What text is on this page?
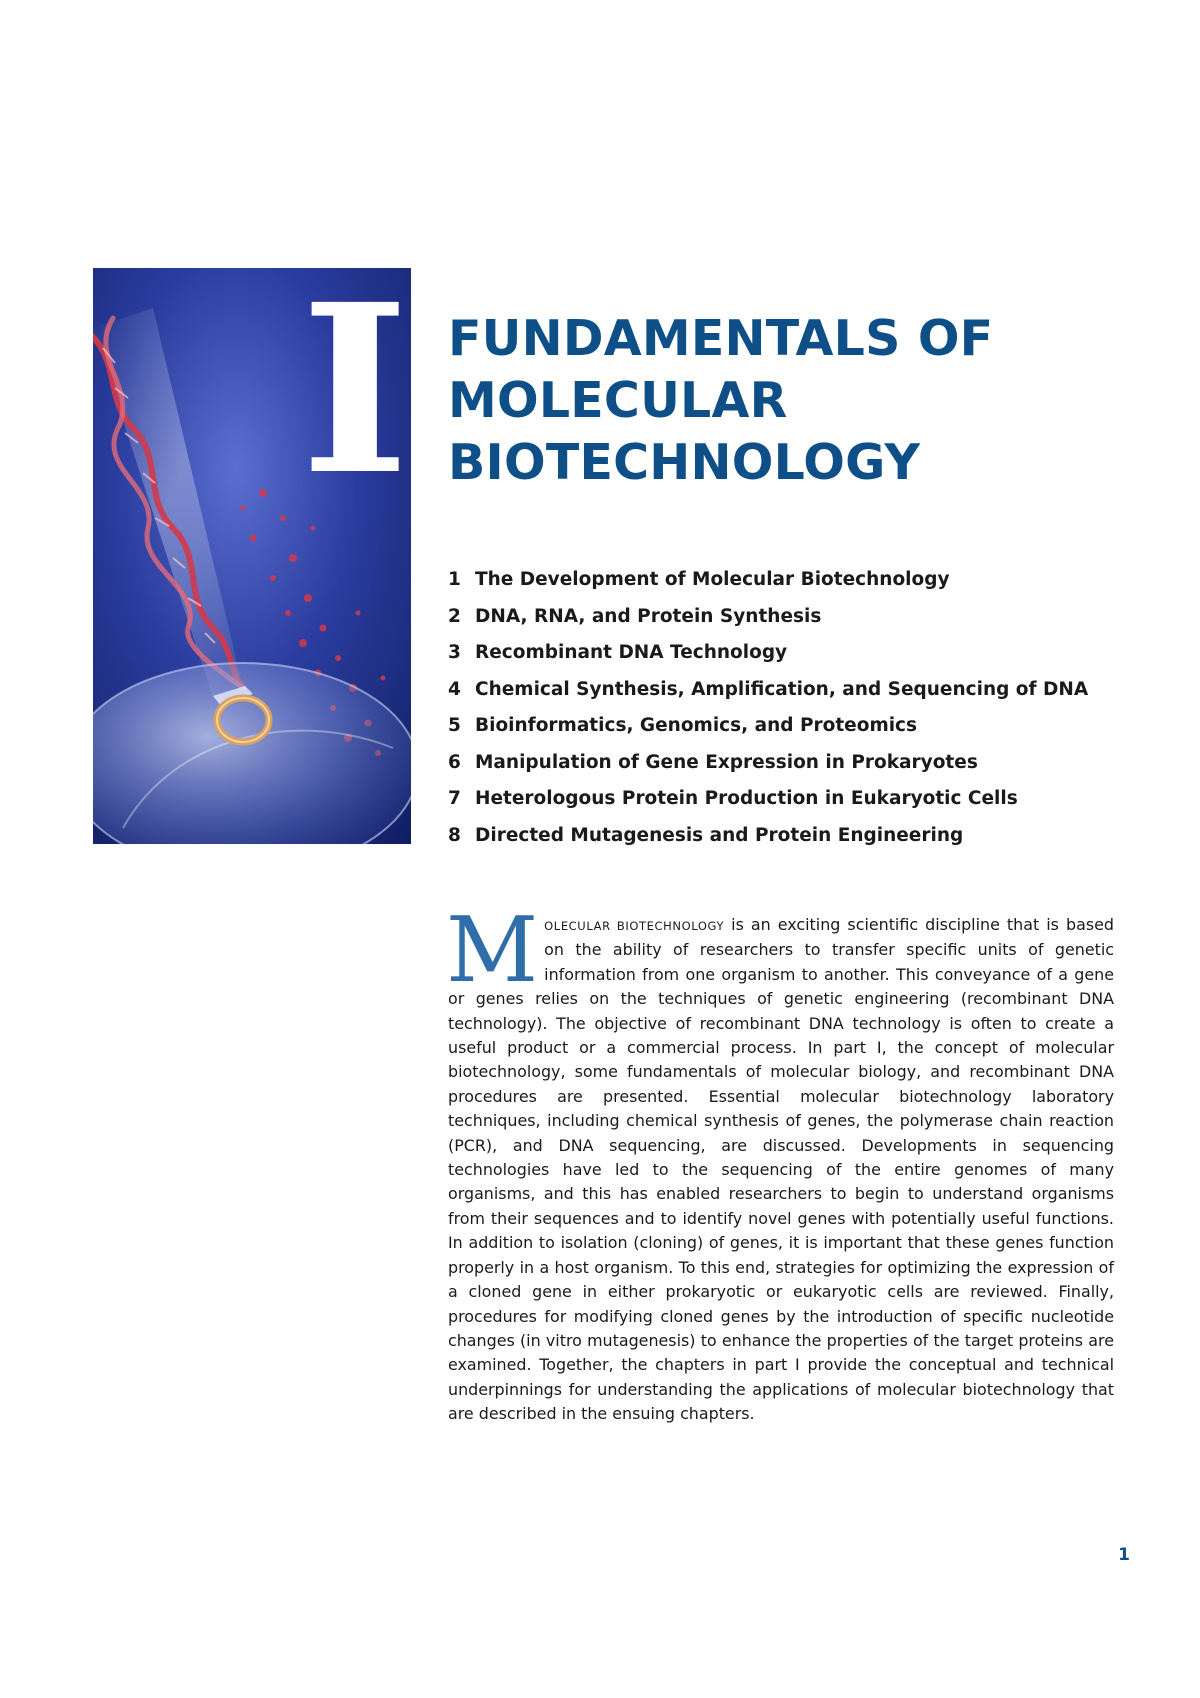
I FUNDAMENTALS OF
MOLECULAR
BIOTECHNOLOGY
1 The Development of Molecular Biotechnology
2 DNA, RNA, and Protein Synthesis
3 Recombinant DNA Technology
4 Chemical Synthesis, Amplification, and Sequencing of DNA
5 Bioinformatics, Genomics, and Proteomics
6 Manipulation of Gene Expression in Prokaryotes
7 Heterologous Protein Production in Eukaryotic Cells
8 Directed Mutagenesis and Protein Engineering

MOLECULAR BIOTECHNOLOGY is an exciting scientific discipline that is based on the ability of researchers to transfer specific units of genetic information from one organism to another. This conveyance of a gene or genes relies on the techniques of genetic engineering (recombinant DNA technology). The objective of recombinant DNA technology is often to create a useful product or a commercial process. In part I, the concept of molecular biotechnology, some fundamentals of molecular biology, and recombinant DNA procedures are presented. Essential molecular biotechnology laboratory techniques, including chemical synthesis of genes, the polymerase chain reaction (PCR), and DNA sequencing, are discussed. Developments in sequencing technologies have led to the sequencing of the entire genomes of many organisms, and this has enabled researchers to begin to understand organisms from their sequences and to identify novel genes with potentially useful functions. In addition to isolation (cloning) of genes, it is important that these genes function properly in a host organism. To this end, strategies for optimizing the expression of a cloned gene in either prokaryotic or eukaryotic cells are reviewed. Finally, procedures for modifying cloned genes by the introduction of specific nucleotide changes (in vitro mutagenesis) to enhance the properties of the target proteins are examined. Together, the chapters in part I provide the conceptual and technical underpinnings for understanding the applications of molecular biotechnology that are described in the ensuing chapters.

1
